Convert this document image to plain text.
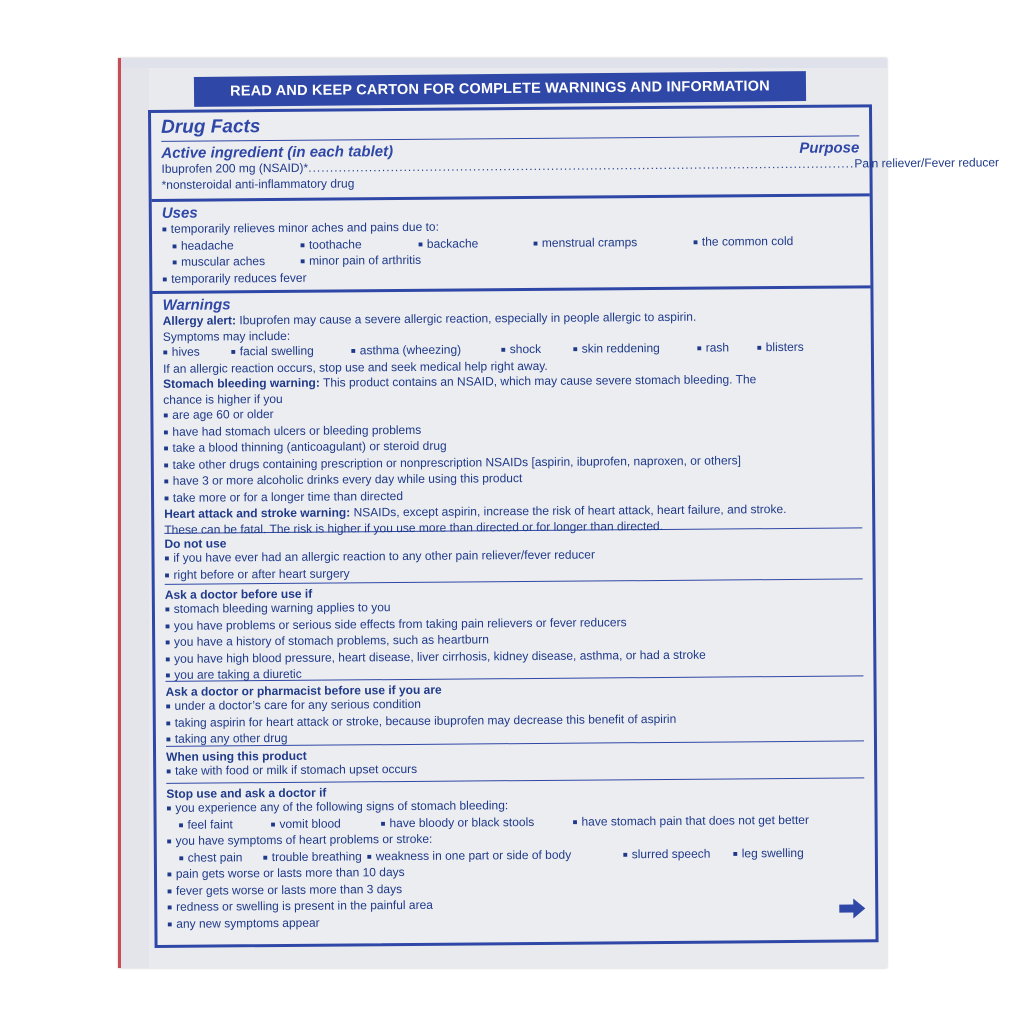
READ AND KEEP CARTON FOR COMPLETE WARNINGS AND INFORMATION
Drug Facts
Active ingredient (in each tablet)	Purpose
Ibuprofen 200 mg (NSAID)* .............................................................................................................................. Pain reliever/Fever reducer
*nonsteroidal anti-inflammatory drug
Uses
■ temporarily relieves minor aches and pains due to:
■ headache	■ toothache	■ backache	■ menstrual cramps	■ the common cold
■ muscular aches	■ minor pain of arthritis
■ temporarily reduces fever
Warnings
Allergy alert: Ibuprofen may cause a severe allergic reaction, especially in people allergic to aspirin.
Symptoms may include:
■ hives	■ facial swelling	■ asthma (wheezing)	■ shock	■ skin reddening	■ rash	■ blisters
If an allergic reaction occurs, stop use and seek medical help right away.
Stomach bleeding warning: This product contains an NSAID, which may cause severe stomach bleeding. The
chance is higher if you
■ are age 60 or older
■ have had stomach ulcers or bleeding problems
■ take a blood thinning (anticoagulant) or steroid drug
■ take other drugs containing prescription or nonprescription NSAIDs [aspirin, ibuprofen, naproxen, or others]
■ have 3 or more alcoholic drinks every day while using this product
■ take more or for a longer time than directed
Heart attack and stroke warning: NSAIDs, except aspirin, increase the risk of heart attack, heart failure, and stroke.
These can be fatal. The risk is higher if you use more than directed or for longer than directed.
Do not use
■ if you have ever had an allergic reaction to any other pain reliever/fever reducer
■ right before or after heart surgery
Ask a doctor before use if
■ stomach bleeding warning applies to you
■ you have problems or serious side effects from taking pain relievers or fever reducers
■ you have a history of stomach problems, such as heartburn
■ you have high blood pressure, heart disease, liver cirrhosis, kidney disease, asthma, or had a stroke
■ you are taking a diuretic
Ask a doctor or pharmacist before use if you are
■ under a doctor’s care for any serious condition
■ taking aspirin for heart attack or stroke, because ibuprofen may decrease this benefit of aspirin
■ taking any other drug
When using this product
■ take with food or milk if stomach upset occurs
Stop use and ask a doctor if
■ you experience any of the following signs of stomach bleeding:
■ feel faint	■ vomit blood	■ have bloody or black stools	■ have stomach pain that does not get better
■ you have symptoms of heart problems or stroke:
■ chest pain	■ trouble breathing	■ weakness in one part or side of body	■ slurred speech	■ leg swelling
■ pain gets worse or lasts more than 10 days
■ fever gets worse or lasts more than 3 days
■ redness or swelling is present in the painful area
■ any new symptoms appear
